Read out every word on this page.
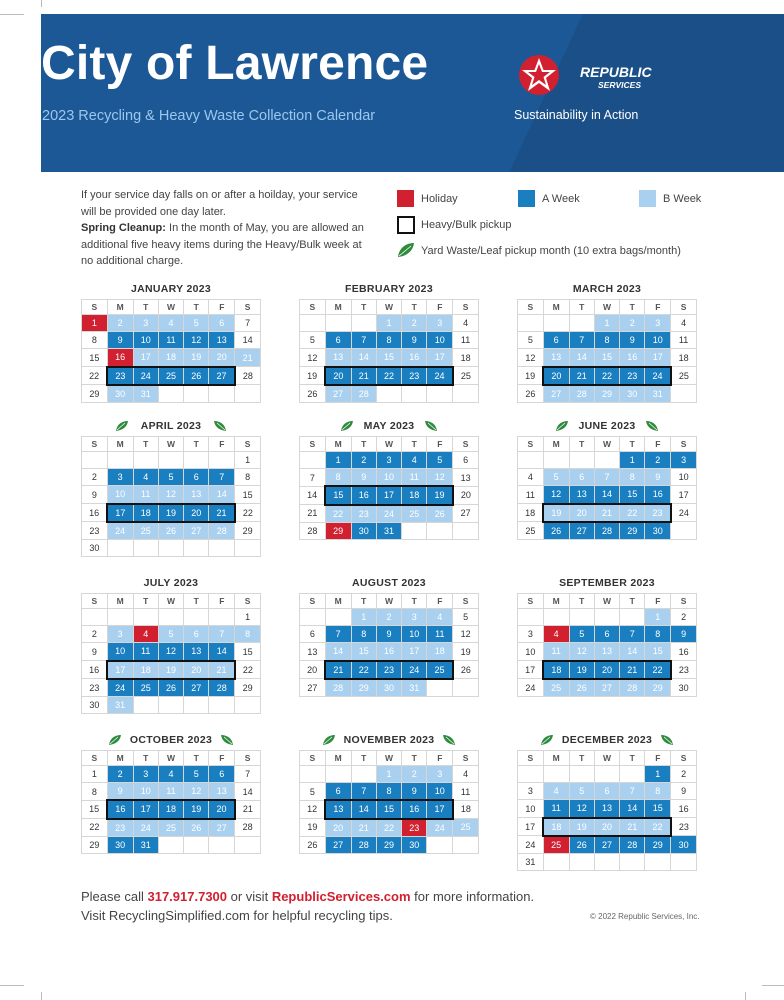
City of Lawrence
2023 Recycling & Heavy Waste Collection Calendar
REPUBLIC
SERVICES
Sustainability in Action
If your service day falls on or after a hoilday, your service will be provided one day later.
Spring Cleanup: In the month of May, you are allowed an additional five heavy items during the Heavy/Bulk week at no additional charge.
Holiday	A Week	B Week
Heavy/Bulk pickup
Yard Waste/Leaf pickup month (10 extra bags/month)
JANUARY 2023
S	M	T	W	T	F	S
1	2	3	4	5	6	7
8	9	10	11	12	13	14
15	16	17	18	19	20	21
22	23	24	25	26	27	28
29	30	31				
FEBRUARY 2023
S	M	T	W	T	F	S
			1	2	3	4
5	6	7	8	9	10	11
12	13	14	15	16	17	18
19	20	21	22	23	24	25
26	27	28				
MARCH 2023
S	M	T	W	T	F	S
			1	2	3	4
5	6	7	8	9	10	11
12	13	14	15	16	17	18
19	20	21	22	23	24	25
26	27	28	29	30	31	
APRIL 2023
S	M	T	W	T	F	S
						1
2	3	4	5	6	7	8
9	10	11	12	13	14	15
16	17	18	19	20	21	22
23	24	25	26	27	28	29
30						
MAY 2023
S	M	T	W	T	F	S
	1	2	3	4	5	6
7	8	9	10	11	12	13
14	15	16	17	18	19	20
21	22	23	24	25	26	27
28	29	30	31			
JUNE 2023
S	M	T	W	T	F	S
				1	2	3
4	5	6	7	8	9	10
11	12	13	14	15	16	17
18	19	20	21	22	23	24
25	26	27	28	29	30	
JULY 2023
S	M	T	W	T	F	S
						1
2	3	4	5	6	7	8
9	10	11	12	13	14	15
16	17	18	19	20	21	22
23	24	25	26	27	28	29
30	31					
AUGUST 2023
S	M	T	W	T	F	S
		1	2	3	4	5
6	7	8	9	10	11	12
13	14	15	16	17	18	19
20	21	22	23	24	25	26
27	28	29	30	31		
SEPTEMBER 2023
S	M	T	W	T	F	S
					1	2
3	4	5	6	7	8	9
10	11	12	13	14	15	16
17	18	19	20	21	22	23
24	25	26	27	28	29	30
OCTOBER 2023
S	M	T	W	T	F	S
1	2	3	4	5	6	7
8	9	10	11	12	13	14
15	16	17	18	19	20	21
22	23	24	25	26	27	28
29	30	31				
NOVEMBER 2023
S	M	T	W	T	F	S
			1	2	3	4
5	6	7	8	9	10	11
12	13	14	15	16	17	18
19	20	21	22	23	24	25
26	27	28	29	30		
DECEMBER 2023
S	M	T	W	T	F	S
					1	2
3	4	5	6	7	8	9
10	11	12	13	14	15	16
17	18	19	20	21	22	23
24	25	26	27	28	29	30
31						
Please call 317.917.7300 or visit RepublicServices.com for more information.
Visit RecyclingSimplified.com for helpful recycling tips.	© 2022 Republic Services, Inc.
